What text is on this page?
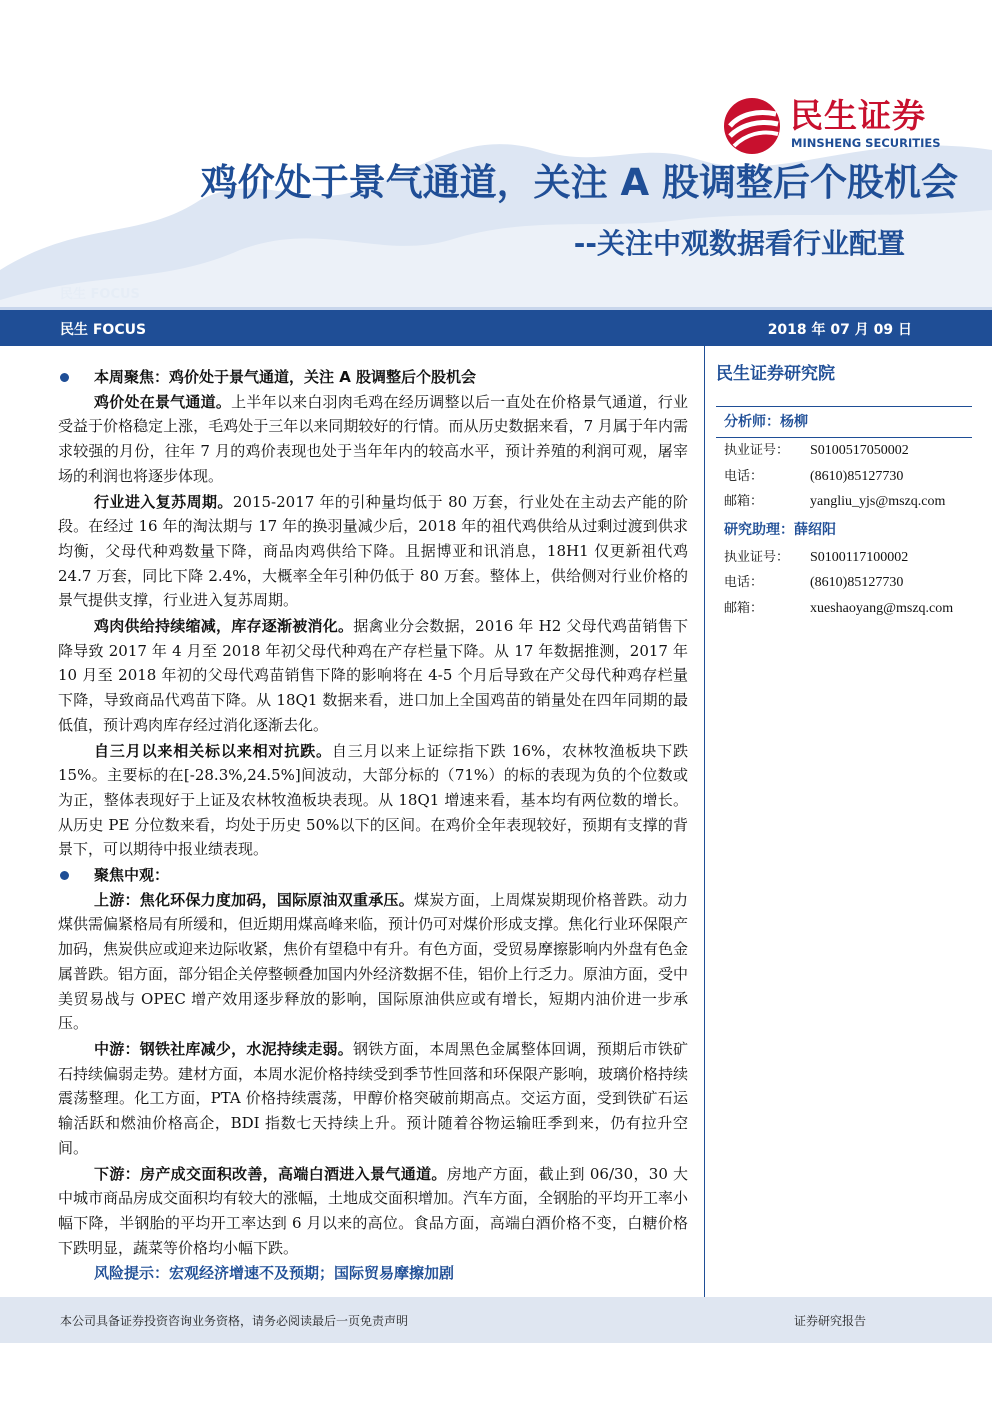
民生证券
MINSHENG SECURITIES
鸡价处于景气通道，关注 A 股调整后个股机会
--关注中观数据看行业配置
民生 FOCUS
民生 FOCUS	2018 年 07 月 09 日
本周聚焦：鸡价处于景气通道，关注 A 股调整后个股机会

鸡价处在景气通道。上半年以来白羽肉毛鸡在经历调整以后一直处在价格景气通道，行业受益于价格稳定上涨，毛鸡处于三年以来同期较好的行情。而从历史数据来看，7 月属于年内需求较强的月份，往年 7 月的鸡价表现也处于当年年内的较高水平，预计养殖的利润可观，屠宰场的利润也将逐步体现。

行业进入复苏周期。2015-2017 年的引种量均低于 80 万套，行业处在主动去产能的阶段。在经过 16 年的淘汰期与 17 年的换羽量减少后，2018 年的祖代鸡供给从过剩过渡到供求均衡，父母代种鸡数量下降，商品肉鸡供给下降。且据博亚和讯消息，18H1 仅更新祖代鸡 24.7 万套，同比下降 2.4%，大概率全年引种仍低于 80 万套。整体上，供给侧对行业价格的景气提供支撑，行业进入复苏周期。

鸡肉供给持续缩减，库存逐渐被消化。据禽业分会数据，2016 年 H2 父母代鸡苗销售下降导致 2017 年 4 月至 2018 年初父母代种鸡在产存栏量下降。从 17 年数据推测，2017 年 10 月至 2018 年初的父母代鸡苗销售下降的影响将在 4-5 个月后导致在产父母代种鸡存栏量下降，导致商品代鸡苗下降。从 18Q1 数据来看，进口加上全国鸡苗的销量处在四年同期的最低值，预计鸡肉库存经过消化逐渐去化。

自三月以来相关标以来相对抗跌。自三月以来上证综指下跌 16%，农林牧渔板块下跌 15%。主要标的在[-28.3%,24.5%]间波动，大部分标的（71%）的标的表现为负的个位数或为正，整体表现好于上证及农林牧渔板块表现。从 18Q1 增速来看，基本均有两位数的增长。从历史 PE 分位数来看，均处于历史 50%以下的区间。在鸡价全年表现较好，预期有支撑的背景下，可以期待中报业绩表现。

聚焦中观：

上游：焦化环保力度加码，国际原油双重承压。煤炭方面，上周煤炭期现价格普跌。动力煤供需偏紧格局有所缓和，但近期用煤高峰来临，预计仍可对煤价形成支撑。焦化行业环保限产加码，焦炭供应或迎来边际收紧，焦价有望稳中有升。有色方面，受贸易摩擦影响内外盘有色金属普跌。铝方面，部分铝企关停整顿叠加国内外经济数据不佳，铝价上行乏力。原油方面，受中美贸易战与 OPEC 增产效用逐步释放的影响，国际原油供应或有增长，短期内油价进一步承压。

中游：钢铁社库减少，水泥持续走弱。钢铁方面，本周黑色金属整体回调，预期后市铁矿石持续偏弱走势。建材方面，本周水泥价格持续受到季节性回落和环保限产影响，玻璃价格持续震荡整理。化工方面，PTA 价格持续震荡，甲醇价格突破前期高点。交运方面，受到铁矿石运输活跃和燃油价格高企，BDI 指数七天持续上升。预计随着谷物运输旺季到来，仍有拉升空间。

下游：房产成交面积改善，高端白酒进入景气通道。房地产方面，截止到 06/30，30 大中城市商品房成交面积均有较大的涨幅，土地成交面积增加。汽车方面，全钢胎的平均开工率小幅下降，半钢胎的平均开工率达到 6 月以来的高位。食品方面，高端白酒价格不变，白糖价格下跌明显，蔬菜等价格均小幅下跌。

风险提示：宏观经济增速不及预期；国际贸易摩擦加剧
民生证券研究院
分析师：杨柳
执业证号：	S0100517050002
电话：	(8610)85127730
邮箱：	yangliu_yjs@mszq.com
研究助理：薛绍阳
执业证号：	S0100117100002
电话：	(8610)85127730
邮箱：	xueshaoyang@mszq.com
本公司具备证券投资咨询业务资格，请务必阅读最后一页免责声明	证券研究报告
